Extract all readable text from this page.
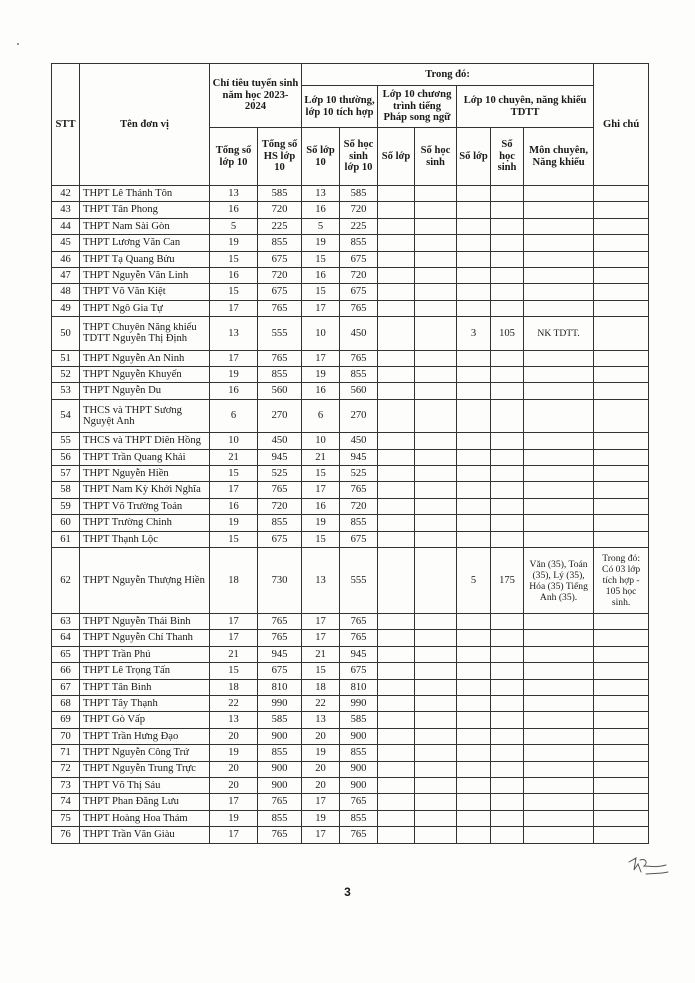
STT	Tên đơn vị	Chỉ tiêu tuyển sinh năm học 2023-2024		Trong đó:							Ghi chú
				Lớp 10 thường, lớp 10 tích hợp		Lớp 10 chương trình tiếng Pháp song ngữ		Lớp 10 chuyên, năng khiếu TDTT			
		Tổng số lớp 10	Tổng số HS lớp 10	Số lớp 10	Số học sinh lớp 10	Số lớp	Số học sinh	Số lớp	Số học sinh	Môn chuyên, Năng khiếu	
42	THPT Lê Thánh Tôn	13	585	13	585						
43	THPT Tân Phong	16	720	16	720						
44	THPT Nam Sài Gòn	5	225	5	225						
45	THPT Lương Văn Can	19	855	19	855						
46	THPT Tạ Quang Bửu	15	675	15	675						
47	THPT Nguyễn Văn Linh	16	720	16	720						
48	THPT Võ Văn Kiệt	15	675	15	675						
49	THPT Ngô Gia Tự	17	765	17	765						
50	THPT Chuyên Năng khiếu TDTT Nguyễn Thị Định	13	555	10	450			3	105	NK TDTT.	
51	THPT Nguyễn An Ninh	17	765	17	765						
52	THPT Nguyễn Khuyến	19	855	19	855						
53	THPT Nguyễn Du	16	560	16	560						
54	THCS và THPT Sương Nguyệt Anh	6	270	6	270						
55	THCS và THPT Diên Hồng	10	450	10	450						
56	THPT Trần Quang Khải	21	945	21	945						
57	THPT Nguyễn Hiền	15	525	15	525						
58	THPT Nam Kỳ Khởi Nghĩa	17	765	17	765						
59	THPT Võ Trường Toản	16	720	16	720						
60	THPT Trường Chinh	19	855	19	855						
61	THPT Thạnh Lộc	15	675	15	675						
62	THPT Nguyễn Thượng Hiền	18	730	13	555			5	175	Văn (35), Toán (35), Lý (35), Hóa (35) Tiếng Anh (35).	Trong đó: Có 03 lớp tích hợp - 105 học sinh.
63	THPT Nguyễn Thái Bình	17	765	17	765						
64	THPT Nguyễn Chí Thanh	17	765	17	765						
65	THPT Trần Phú	21	945	21	945						
66	THPT Lê Trọng Tấn	15	675	15	675						
67	THPT Tân Bình	18	810	18	810						
68	THPT Tây Thạnh	22	990	22	990						
69	THPT Gò Vấp	13	585	13	585						
70	THPT Trần Hưng Đạo	20	900	20	900						
71	THPT Nguyễn Công Trứ	19	855	19	855						
72	THPT Nguyễn Trung Trực	20	900	20	900						
73	THPT Võ Thị Sáu	20	900	20	900						
74	THPT Phan Đăng Lưu	17	765	17	765						
75	THPT Hoàng Hoa Thám	19	855	19	855						
76	THPT Trần Văn Giàu	17	765	17	765						
3
